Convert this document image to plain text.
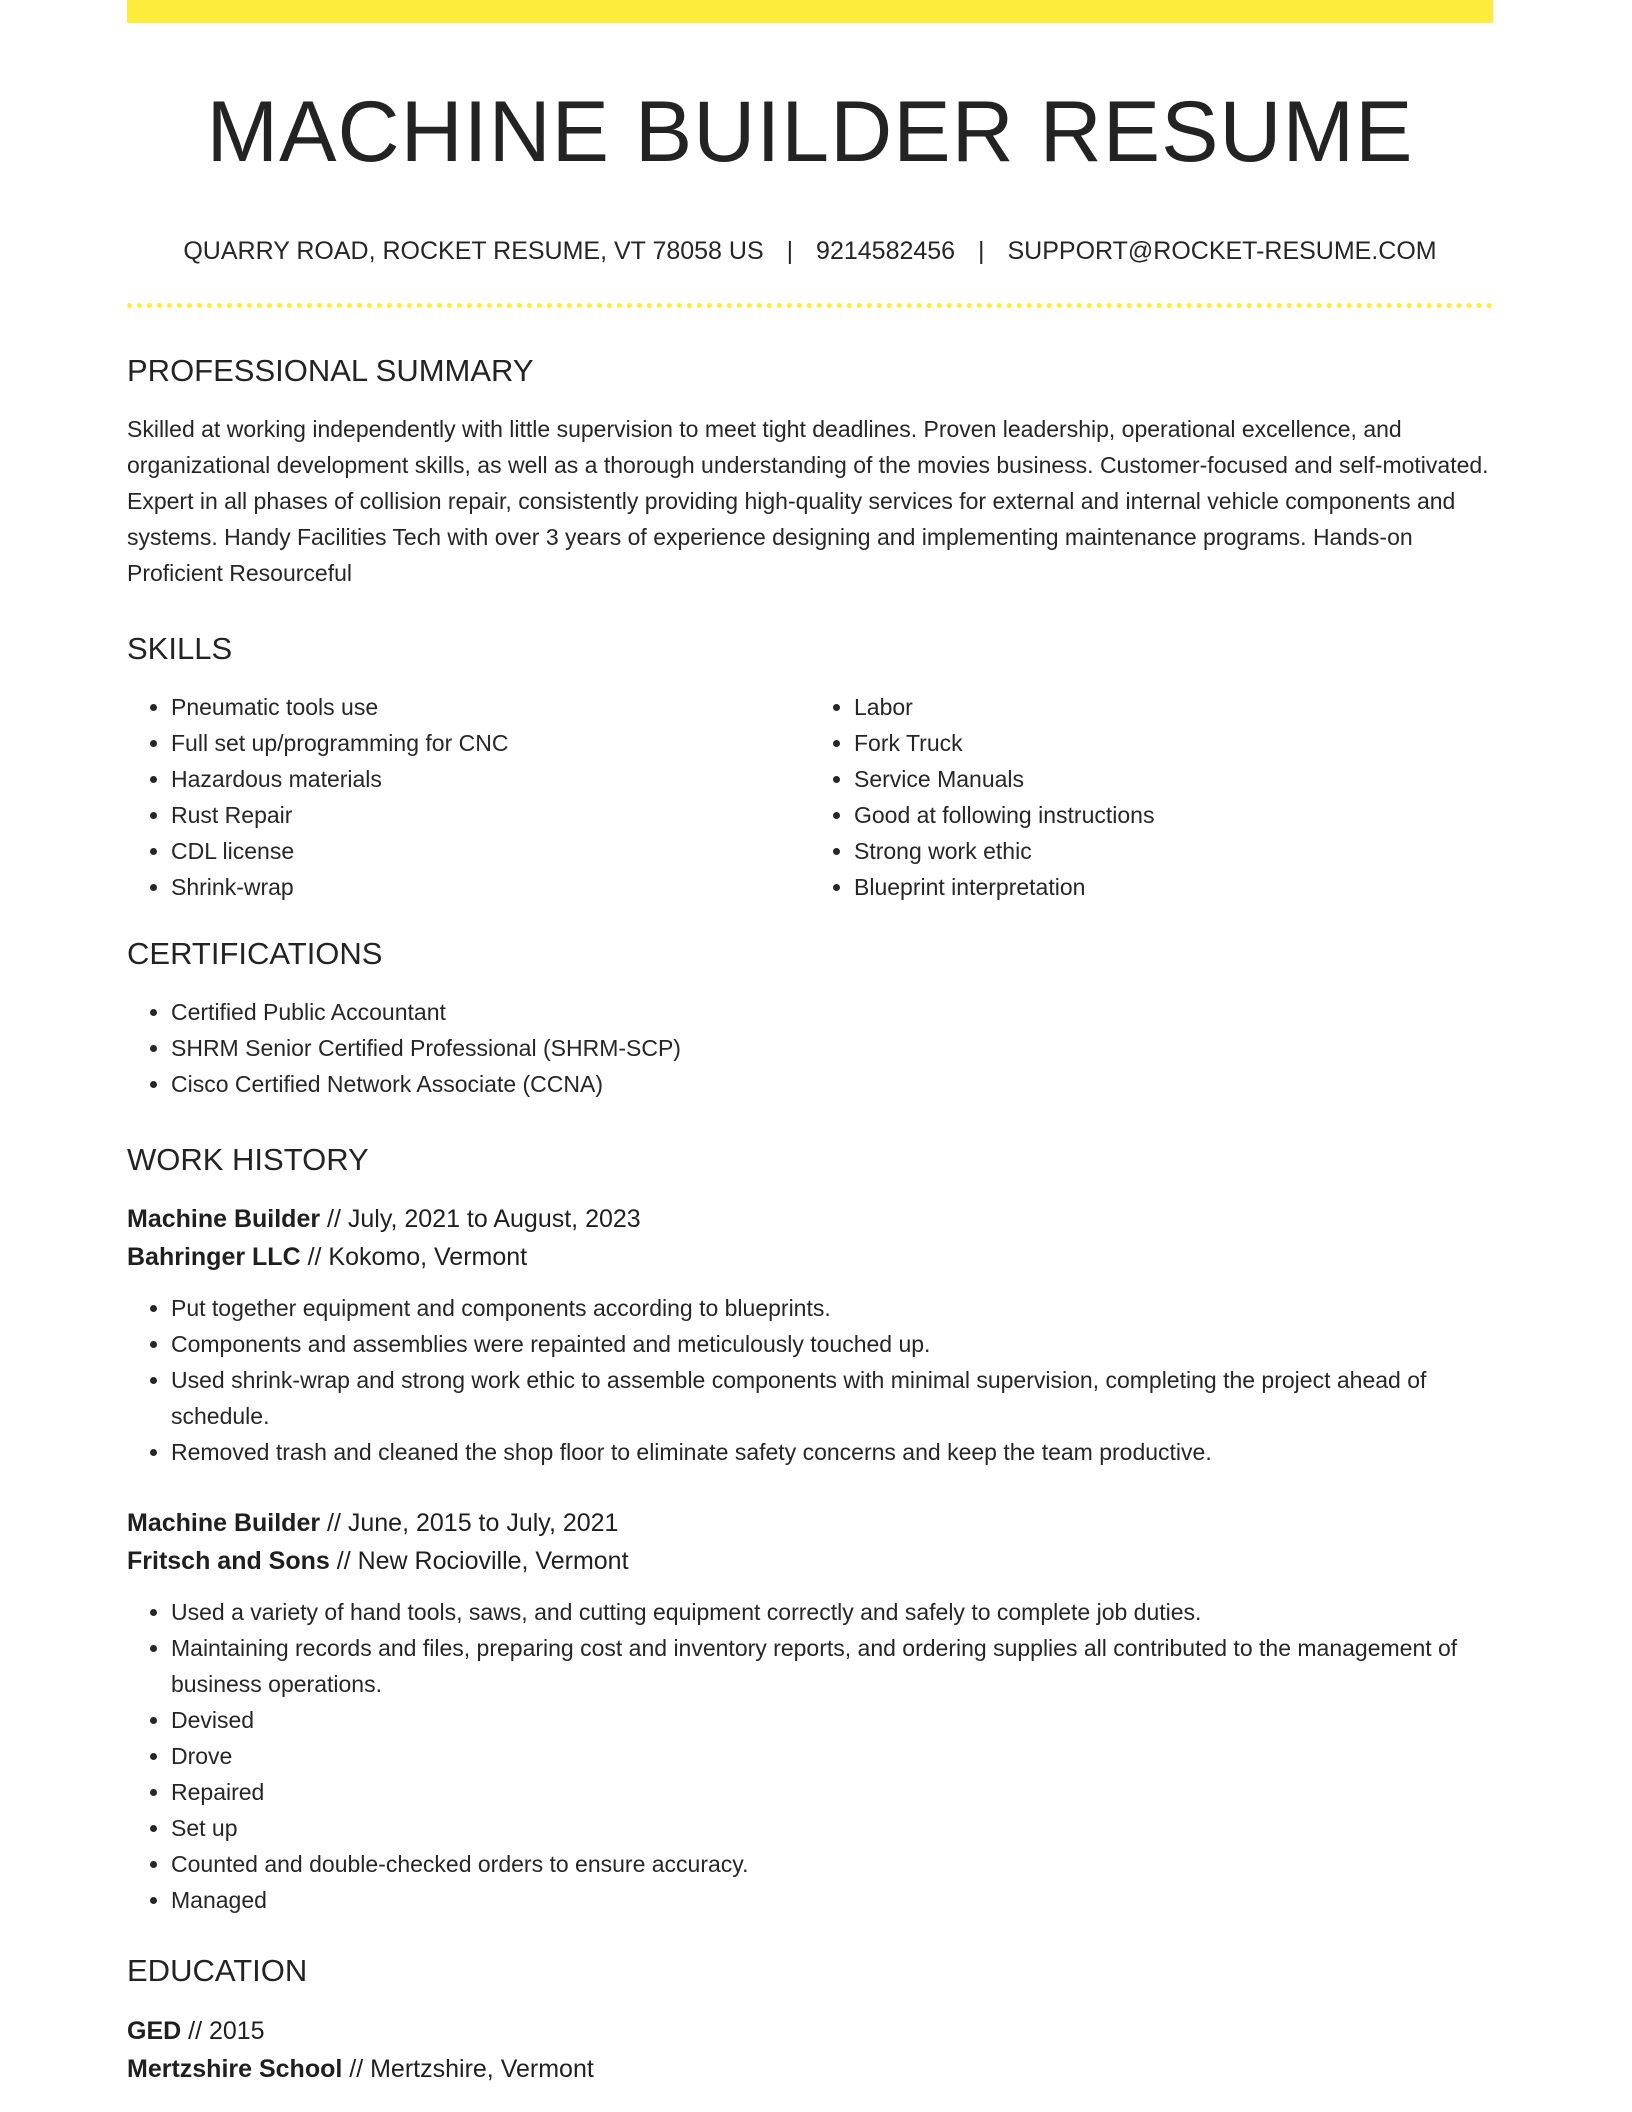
MACHINE BUILDER RESUME
QUARRY ROAD, ROCKET RESUME, VT 78058 US | 9214582456 | SUPPORT@ROCKET-RESUME.COM
PROFESSIONAL SUMMARY

Skilled at working independently with little supervision to meet tight deadlines. Proven leadership, operational excellence, and organizational development skills, as well as a thorough understanding of the movies business. Customer-focused and self-motivated. Expert in all phases of collision repair, consistently providing high-quality services for external and internal vehicle components and systems. Handy Facilities Tech with over 3 years of experience designing and implementing maintenance programs. Hands-on Proficient Resourceful

SKILLS
• Pneumatic tools use
• Full set up/programming for CNC
• Hazardous materials
• Rust Repair
• CDL license
• Shrink-wrap
• Labor
• Fork Truck
• Service Manuals
• Good at following instructions
• Strong work ethic
• Blueprint interpretation
CERTIFICATIONS
• Certified Public Accountant
• SHRM Senior Certified Professional (SHRM-SCP)
• Cisco Certified Network Associate (CCNA)
WORK HISTORY
Machine Builder // July, 2021 to August, 2023
Bahringer LLC // Kokomo, Vermont
• Put together equipment and components according to blueprints.
• Components and assemblies were repainted and meticulously touched up.
• Used shrink-wrap and strong work ethic to assemble components with minimal supervision, completing the project ahead of schedule.
• Removed trash and cleaned the shop floor to eliminate safety concerns and keep the team productive.
Machine Builder // June, 2015 to July, 2021
Fritsch and Sons // New Rocioville, Vermont
• Used a variety of hand tools, saws, and cutting equipment correctly and safely to complete job duties.
• Maintaining records and files, preparing cost and inventory reports, and ordering supplies all contributed to the management of business operations.
• Devised
• Drove
• Repaired
• Set up
• Counted and double-checked orders to ensure accuracy.
• Managed
EDUCATION
GED // 2015
Mertzshire School // Mertzshire, Vermont
